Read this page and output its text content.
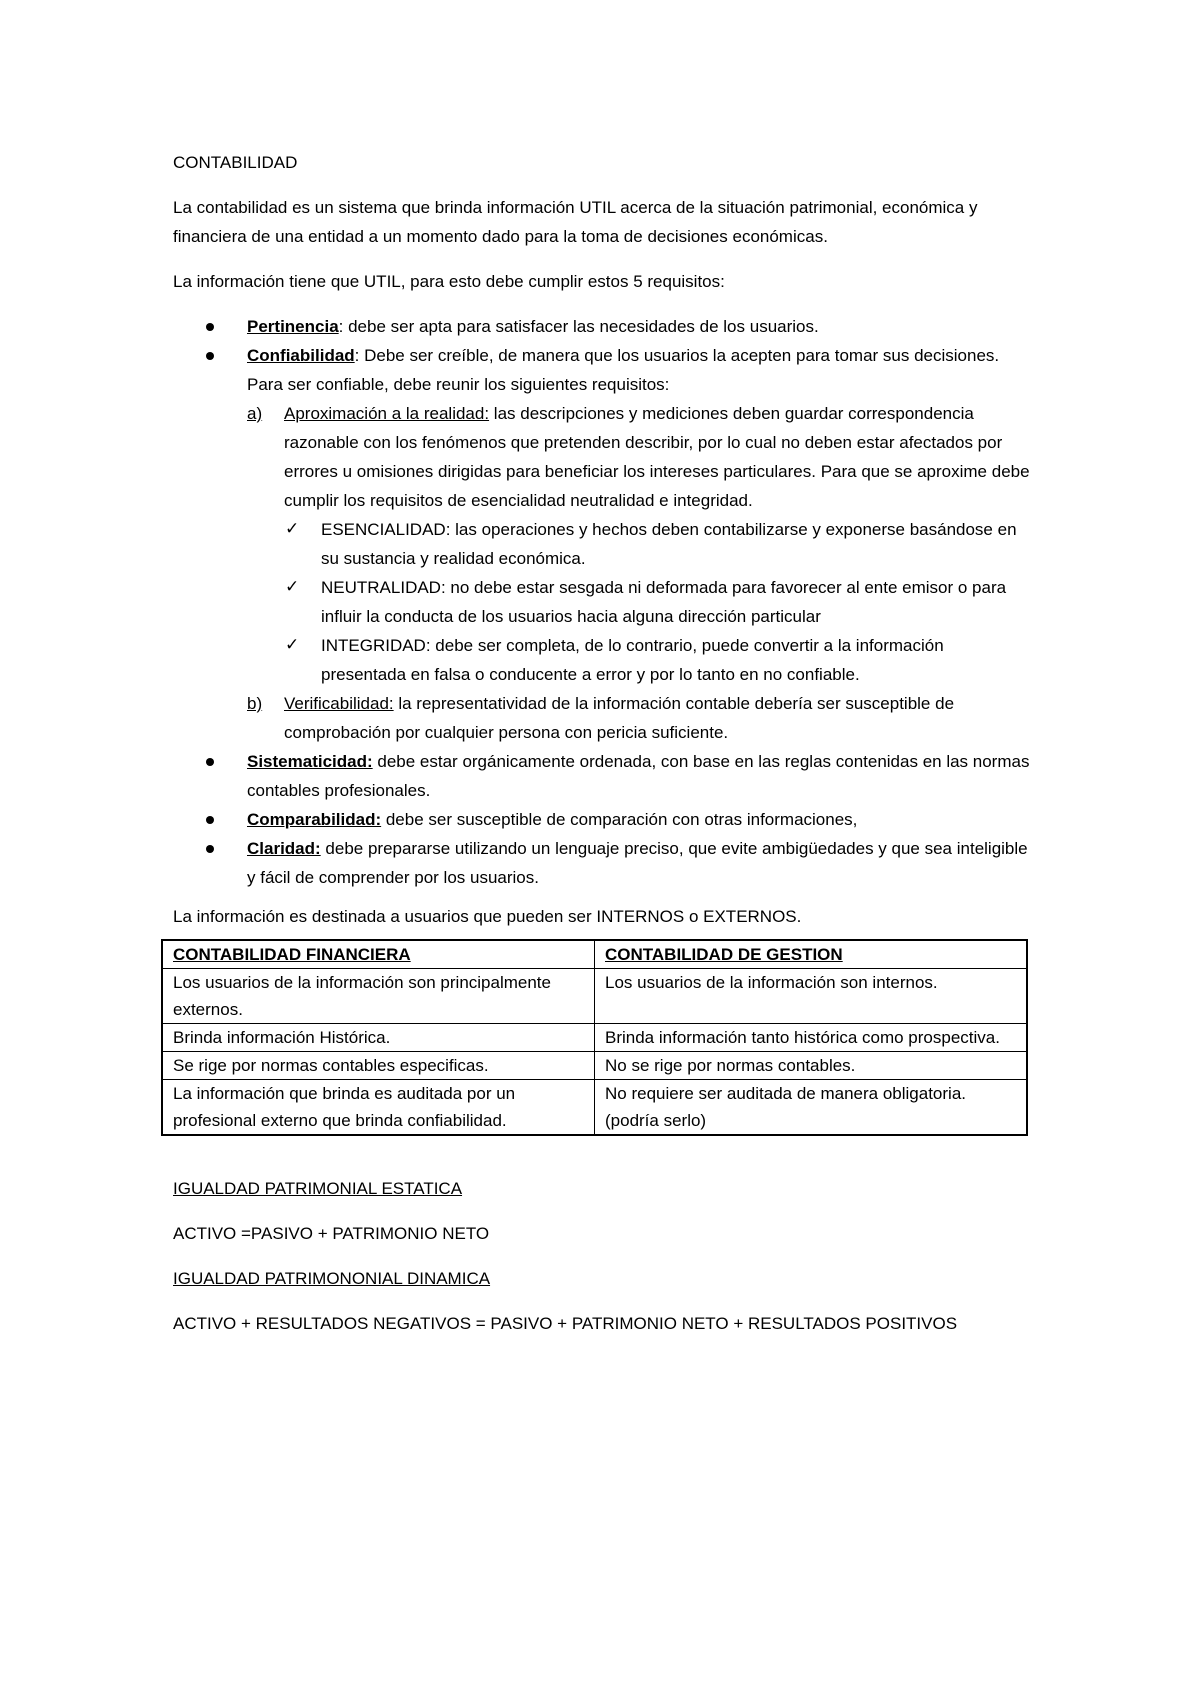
CONTABILIDAD

La contabilidad es un sistema que brinda información UTIL acerca de la situación patrimonial, económica y financiera de una entidad a un momento dado para la toma de decisiones económicas.

La información tiene que UTIL, para esto debe cumplir estos 5 requisitos:

Pertinencia: debe ser apta para satisfacer las necesidades de los usuarios.
Confiabilidad: Debe ser creíble, de manera que los usuarios la acepten para tomar sus decisiones. Para ser confiable, debe reunir los siguientes requisitos:
a) Aproximación a la realidad: las descripciones y mediciones deben guardar correspondencia razonable con los fenómenos que pretenden describir, por lo cual no deben estar afectados por errores u omisiones dirigidas para beneficiar los intereses particulares. Para que se aproxime debe cumplir los requisitos de esencialidad neutralidad e integridad.
✓ ESENCIALIDAD: las operaciones y hechos deben contabilizarse y exponerse basándose en su sustancia y realidad económica.
✓ NEUTRALIDAD: no debe estar sesgada ni deformada para favorecer al ente emisor o para influir la conducta de los usuarios hacia alguna dirección particular
✓ INTEGRIDAD: debe ser completa, de lo contrario, puede convertir a la información presentada en falsa o conducente a error y por lo tanto en no confiable.
b) Verificabilidad: la representatividad de la información contable debería ser susceptible de comprobación por cualquier persona con pericia suficiente.
Sistematicidad: debe estar orgánicamente ordenada, con base en las reglas contenidas en las normas contables profesionales.
Comparabilidad: debe ser susceptible de comparación con otras informaciones,
Claridad: debe prepararse utilizando un lenguaje preciso, que evite ambigüedades y que sea inteligible y fácil de comprender por los usuarios.

La información es destinada a usuarios que pueden ser INTERNOS o EXTERNOS.

CONTABILIDAD FINANCIERA	CONTABILIDAD DE GESTION
Los usuarios de la información son principalmente externos.	Los usuarios de la información son internos.
Brinda información Histórica.	Brinda información tanto histórica como prospectiva.
Se rige por normas contables especificas.	No se rige por normas contables.
La información que brinda es auditada por un profesional externo que brinda confiabilidad.	No requiere ser auditada de manera obligatoria. (podría serlo)

IGUALDAD PATRIMONIAL ESTATICA

ACTIVO =PASIVO + PATRIMONIO NETO

IGUALDAD PATRIMONONIAL DINAMICA

ACTIVO + RESULTADOS NEGATIVOS = PASIVO + PATRIMONIO NETO + RESULTADOS POSITIVOS
